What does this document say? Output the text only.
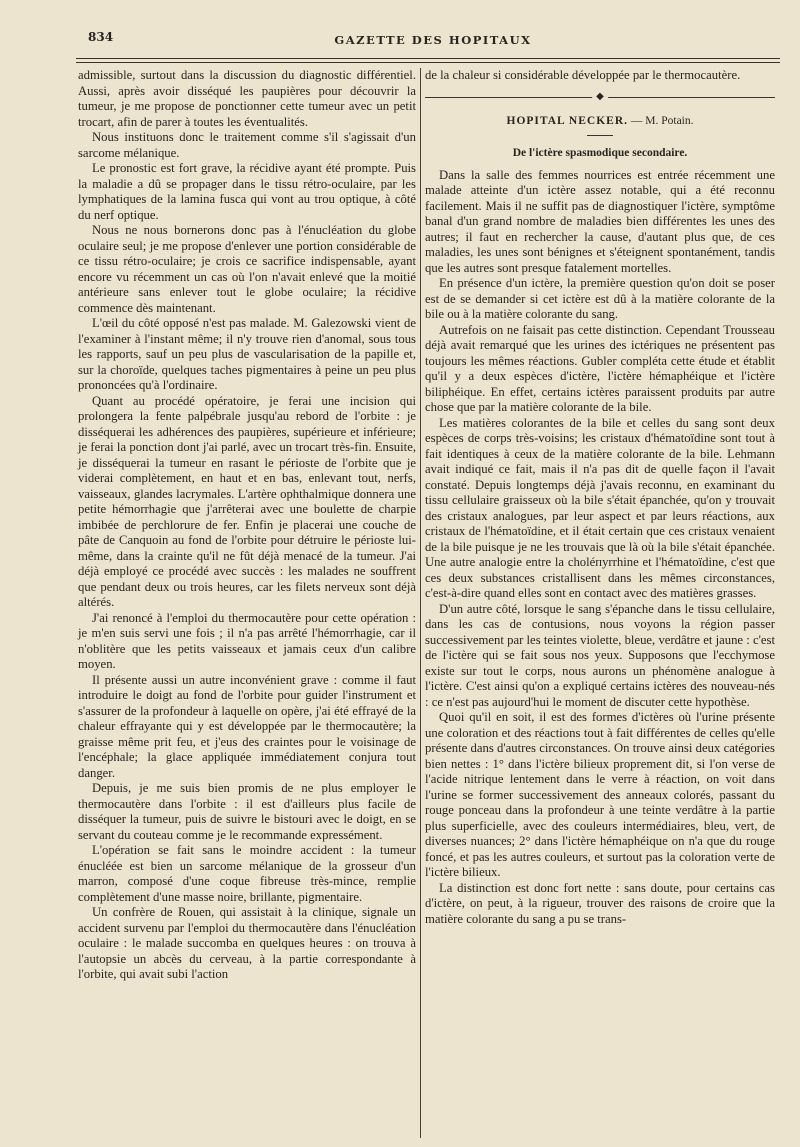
834	GAZETTE DES HOPITAUX

admissible, surtout dans la discussion du diagnostic différentiel. Aussi, après avoir disséqué les paupières pour découvrir la tumeur, je me propose de ponctionner cette tumeur avec un petit trocart, afin de parer à toutes les éventualités.

Nous instituons donc le traitement comme s'il s'agissait d'un sarcome mélanique.

Le pronostic est fort grave, la récidive ayant été prompte. Puis la maladie a dû se propager dans le tissu rétro-oculaire, par les lymphatiques de la lamina fusca qui vont au trou optique, à côté du nerf optique.

Nous ne nous bornerons donc pas à l'énucléation du globe oculaire seul; je me propose d'enlever une portion considérable de ce tissu rétro-oculaire; je crois ce sacrifice indispensable, ayant encore vu récemment un cas où l'on n'avait enlevé que la moitié antérieure sans enlever tout le globe oculaire; la récidive commence dès maintenant.

L'œil du côté opposé n'est pas malade. M. Galezowski vient de l'examiner à l'instant même; il n'y trouve rien d'anomal, sous tous les rapports, sauf un peu plus de vascularisation de la papille et, sur la choroïde, quelques taches pigmentaires à peine un peu plus prononcées qu'à l'ordinaire.

Quant au procédé opératoire, je ferai une incision qui prolongera la fente palpébrale jusqu'au rebord de l'orbite : je disséquerai les adhérences des paupières, supérieure et inférieure; je ferai la ponction dont j'ai parlé, avec un trocart très-fin. Ensuite, je disséquerai la tumeur en rasant le périoste de l'orbite que je viderai complètement, en haut et en bas, enlevant tout, nerfs, vaisseaux, glandes lacrymales. L'artère ophthalmique donnera une petite hémorrhagie que j'arrêterai avec une boulette de charpie imbibée de perchlorure de fer. Enfin je placerai une couche de pâte de Canquoin au fond de l'orbite pour détruire le périoste lui-même, dans la crainte qu'il ne fût déjà menacé de la tumeur. J'ai déjà employé ce procédé avec succès : les malades ne souffrent que pendant deux ou trois heures, car les filets nerveux sont déjà altérés.

J'ai renoncé à l'emploi du thermocautère pour cette opération : je m'en suis servi une fois ; il n'a pas arrêté l'hémorrhagie, car il n'oblitère que les petits vaisseaux et jamais ceux d'un calibre moyen.

Il présente aussi un autre inconvénient grave : comme il faut introduire le doigt au fond de l'orbite pour guider l'instrument et s'assurer de la profondeur à laquelle on opère, j'ai été effrayé de la chaleur effrayante qui y est développée par le thermocautère; la graisse même prit feu, et j'eus des craintes pour le voisinage de l'encéphale; la glace appliquée immédiatement conjura tout danger.

Depuis, je me suis bien promis de ne plus employer le thermocautère dans l'orbite : il est d'ailleurs plus facile de disséquer la tumeur, puis de suivre le bistouri avec le doigt, en se servant du couteau comme je le recommande expressément.

L'opération se fait sans le moindre accident : la tumeur énucléée est bien un sarcome mélanique de la grosseur d'un marron, composé d'une coque fibreuse très-mince, remplie complètement d'une masse noire, brillante, pigmentaire.

Un confrère de Rouen, qui assistait à la clinique, signale un accident survenu par l'emploi du thermocautère dans l'énucléation oculaire : le malade succomba en quelques heures : on trouva à l'autopsie un abcès du cerveau, à la partie correspondante à l'orbite, qui avait subi l'action

de la chaleur si considérable développée par le thermocautère.

◆
HOPITAL NECKER. — M. Potain.
De l'ictère spasmodique secondaire.

Dans la salle des femmes nourrices est entrée récemment une malade atteinte d'un ictère assez notable, qui a été reconnu facilement. Mais il ne suffit pas de diagnostiquer l'ictère, symptôme banal d'un grand nombre de maladies bien différentes les unes des autres; il faut en rechercher la cause, d'autant plus que, de ces maladies, les unes sont bénignes et s'éteignent spontanément, tandis que les autres sont presque fatalement mortelles.

En présence d'un ictère, la première question qu'on doit se poser est de se demander si cet ictère est dû à la matière colorante de la bile ou à la matière colorante du sang.

Autrefois on ne faisait pas cette distinction. Cependant Trousseau déjà avait remarqué que les urines des ictériques ne présentent pas toujours les mêmes réactions. Gubler compléta cette étude et établit qu'il y a deux espèces d'ictère, l'ictère hémaphéique et l'ictère biliphéique. En effet, certains ictères paraissent produits par autre chose que par la matière colorante de la bile.

Les matières colorantes de la bile et celles du sang sont deux espèces de corps très-voisins; les cristaux d'hématoïdine sont tout à fait identiques à ceux de la matière colorante de la bile. Lehmann avait indiqué ce fait, mais il n'a pas dit de quelle façon il l'avait constaté. Depuis longtemps déjà j'avais reconnu, en examinant du tissu cellulaire graisseux où la bile s'était épanchée, qu'on y trouvait des cristaux analogues, par leur aspect et par leurs réactions, aux cristaux de l'hématoïdine, et il était certain que ces cristaux venaient de la bile puisque je ne les trouvais que là où la bile s'était épanchée. Une autre analogie entre la choléпyrrhine et l'hématoïdine, c'est que ces deux substances cristallisent dans les mêmes circonstances, c'est-à-dire quand elles sont en contact avec des matières grasses.

D'un autre côté, lorsque le sang s'épanche dans le tissu cellulaire, dans les cas de contusions, nous voyons la région passer successivement par les teintes violette, bleue, verdâtre et jaune : c'est de l'ictère qui se fait sous nos yeux. Supposons que l'ecchymose existe sur tout le corps, nous aurons un phénomène analogue à l'ictère. C'est ainsi qu'on a expliqué certains ictères des nouveau-nés : ce n'est pas aujourd'hui le moment de discuter cette hypothèse.

Quoi qu'il en soit, il est des formes d'ictères où l'urine présente une coloration et des réactions tout à fait différentes de celles qu'elle présente dans d'autres circonstances. On trouve ainsi deux catégories bien nettes : 1° dans l'ictère bilieux proprement dit, si l'on verse de l'acide nitrique lentement dans le verre à réaction, on voit dans l'urine se former successivement des anneaux colorés, passant du rouge ponceau dans la profondeur à une teinte verdâtre à la partie plus superficielle, avec des couleurs intermédiaires, bleu, vert, de diverses nuances; 2° dans l'ictère hémaphéique on n'a que du rouge foncé, et pas les autres couleurs, et surtout pas la coloration verte de l'ictère bilieux.

La distinction est donc fort nette : sans doute, pour certains cas d'ictère, on peut, à la rigueur, trouver des raisons de croire que la matière colorante du sang a pu se trans-
